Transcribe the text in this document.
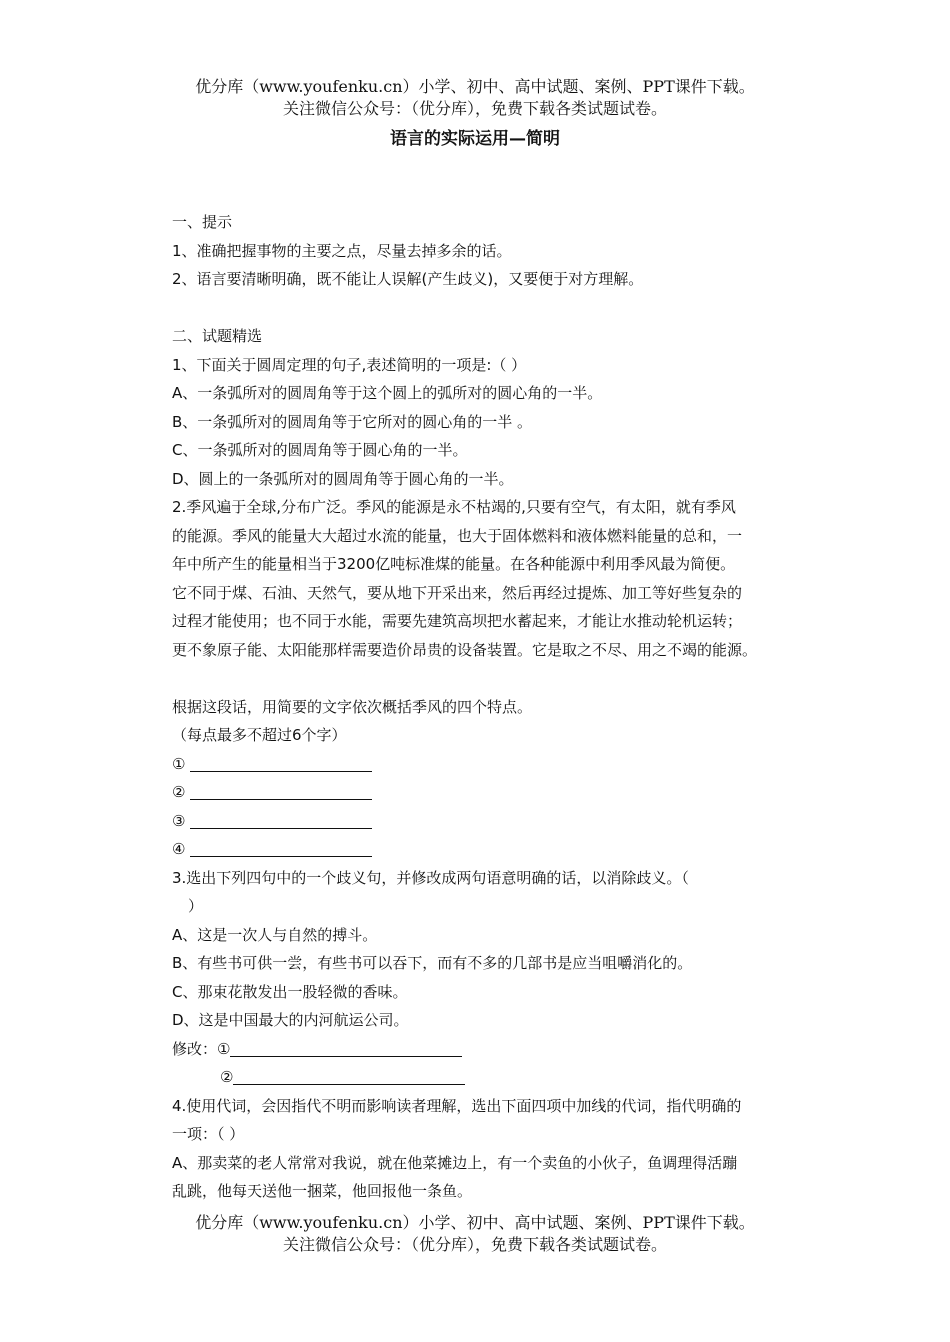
优分库（www.youfenku.cn）小学、初中、高中试题、案例、PPT课件下载。
关注微信公众号：（优分库），免费下载各类试题试卷。
语言的实际运用—简明
一、提示
1、准确把握事物的主要之点，尽量去掉多余的话。
2、语言要清晰明确，既不能让人误解(产生歧义)，又要便于对方理解。
二、试题精选
1、下面关于圆周定理的句子,表述简明的一项是:（ ）
A、一条弧所对的圆周角等于这个圆上的弧所对的圆心角的一半。
B、一条弧所对的圆周角等于它所对的圆心角的一半 。
C、一条弧所对的圆周角等于圆心角的一半。
D、圆上的一条弧所对的圆周角等于圆心角的一半。
2.季风遍于全球,分布广泛。季风的能源是永不枯竭的,只要有空气，有太阳，就有季风
的能源。季风的能量大大超过水流的能量，也大于固体燃料和液体燃料能量的总和，一
年中所产生的能量相当于3200亿吨标准煤的能量。在各种能源中利用季风最为简便。
它不同于煤、石油、天然气，要从地下开采出来，然后再经过提炼、加工等好些复杂的
过程才能使用；也不同于水能，需要先建筑高坝把水蓄起来，才能让水推动轮机运转；
更不象原子能、太阳能那样需要造价昂贵的设备装置。它是取之不尽、用之不竭的能源。
根据这段话，用简要的文字依次概括季风的四个特点。
（每点最多不超过6个字）
①
②
③
④
3.选出下列四句中的一个歧义句，并修改成两句语意明确的话，以消除歧义。（
）
A、这是一次人与自然的搏斗。
B、有些书可供一尝，有些书可以吞下，而有不多的几部书是应当咀嚼消化的。
C、那束花散发出一股轻微的香味。
D、这是中国最大的内河航运公司。
修改：①
②
4.使用代词，会因指代不明而影响读者理解，选出下面四项中加线的代词，指代明确的
一项：（ ）
A、那卖菜的老人常常对我说，就在他菜摊边上，有一个卖鱼的小伙子，鱼调理得活蹦
乱跳，他每天送他一捆菜，他回报他一条鱼。
优分库（www.youfenku.cn）小学、初中、高中试题、案例、PPT课件下载。
关注微信公众号：（优分库），免费下载各类试题试卷。
